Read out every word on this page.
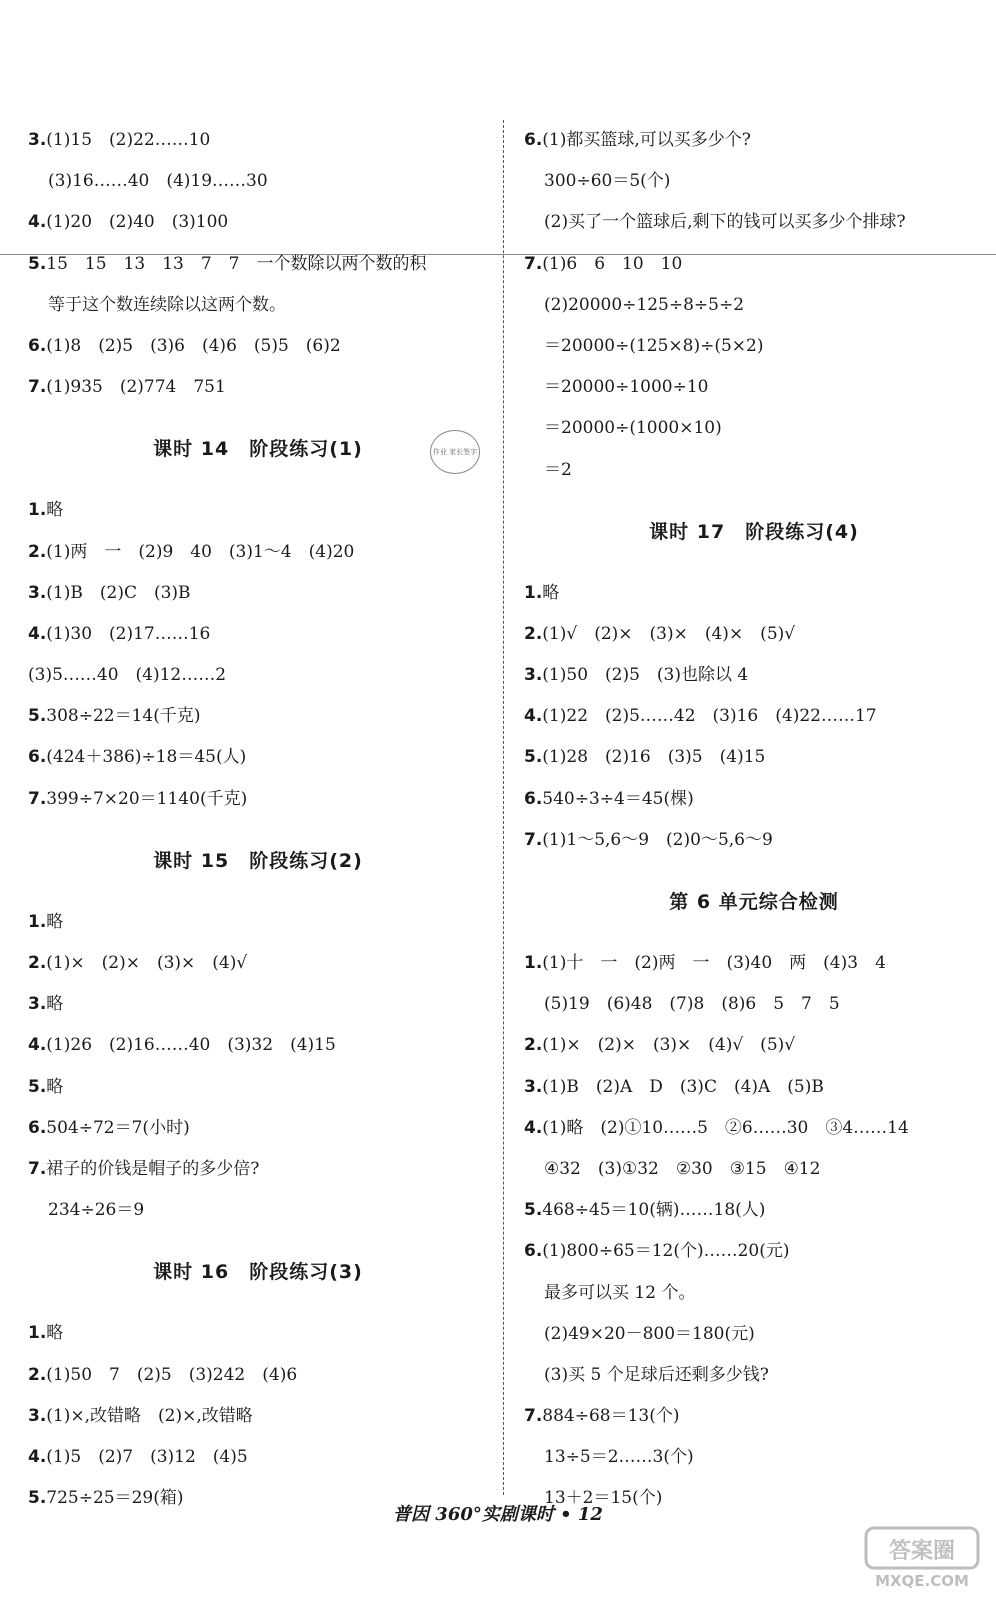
3.(1)15　(2)22……10
(3)16……40　(4)19……30
4.(1)20　(2)40　(3)100
5.15　15　13　13　7　7　一个数除以两个数的积
等于这个数连续除以这两个数。
6.(1)8　(2)5　(3)6　(4)6　(5)5　(6)2
7.(1)935　(2)774　751
课时 14　阶段练习(1)
1.略
2.(1)两　一　(2)9　40　(3)1～4　(4)20
3.(1)B　(2)C　(3)B
4.(1)30　(2)17……16
(3)5……40　(4)12……2
5.308÷22＝14(千克)
6.(424＋386)÷18＝45(人)
7.399÷7×20＝1140(千克)
课时 15　阶段练习(2)
1.略
2.(1)×　(2)×　(3)×　(4)√
3.略
4.(1)26　(2)16……40　(3)32　(4)15
5.略
6.504÷72＝7(小时)
7.裙子的价钱是帽子的多少倍?
234÷26＝9
课时 16　阶段练习(3)
1.略
2.(1)50　7　(2)5　(3)242　(4)6
3.(1)×,改错略　(2)×,改错略
4.(1)5　(2)7　(3)12　(4)5
5.725÷25＝29(箱)
6.(1)都买篮球,可以买多少个?
300÷60＝5(个)
(2)买了一个篮球后,剩下的钱可以买多少个排球?
7.(1)6　6　10　10
(2)20000÷125÷8÷5÷2
＝20000÷(125×8)÷(5×2)
＝20000÷1000÷10
＝20000÷(1000×10)
＝2
课时 17　阶段练习(4)
1.略
2.(1)√　(2)×　(3)×　(4)×　(5)√
3.(1)50　(2)5　(3)也除以 4
4.(1)22　(2)5……42　(3)16　(4)22……17
5.(1)28　(2)16　(3)5　(4)15
6.540÷3÷4＝45(棵)
7.(1)1～5,6～9　(2)0～5,6～9
第 6 单元综合检测
1.(1)十　一　(2)两　一　(3)40　两　(4)3　4
(5)19　(6)48　(7)8　(8)6　5　7　5
2.(1)×　(2)×　(3)×　(4)√　(5)√
3.(1)B　(2)A　D　(3)C　(4)A　(5)B
4.(1)略　(2)①10……5　②6……30　③4……14
④32　(3)①32　②30　③15　④12
5.468÷45＝10(辆)……18(人)
6.(1)800÷65＝12(个)……20(元)
最多可以买 12 个。
(2)49×20－800＝180(元)
(3)买 5 个足球后还剩多少钱?
7.884÷68＝13(个)
13÷5＝2……3(个)
13＋2＝15(个)
作业 家长签字
普因 360°实剧课时 • 12
答案圈
MXQE.COM
